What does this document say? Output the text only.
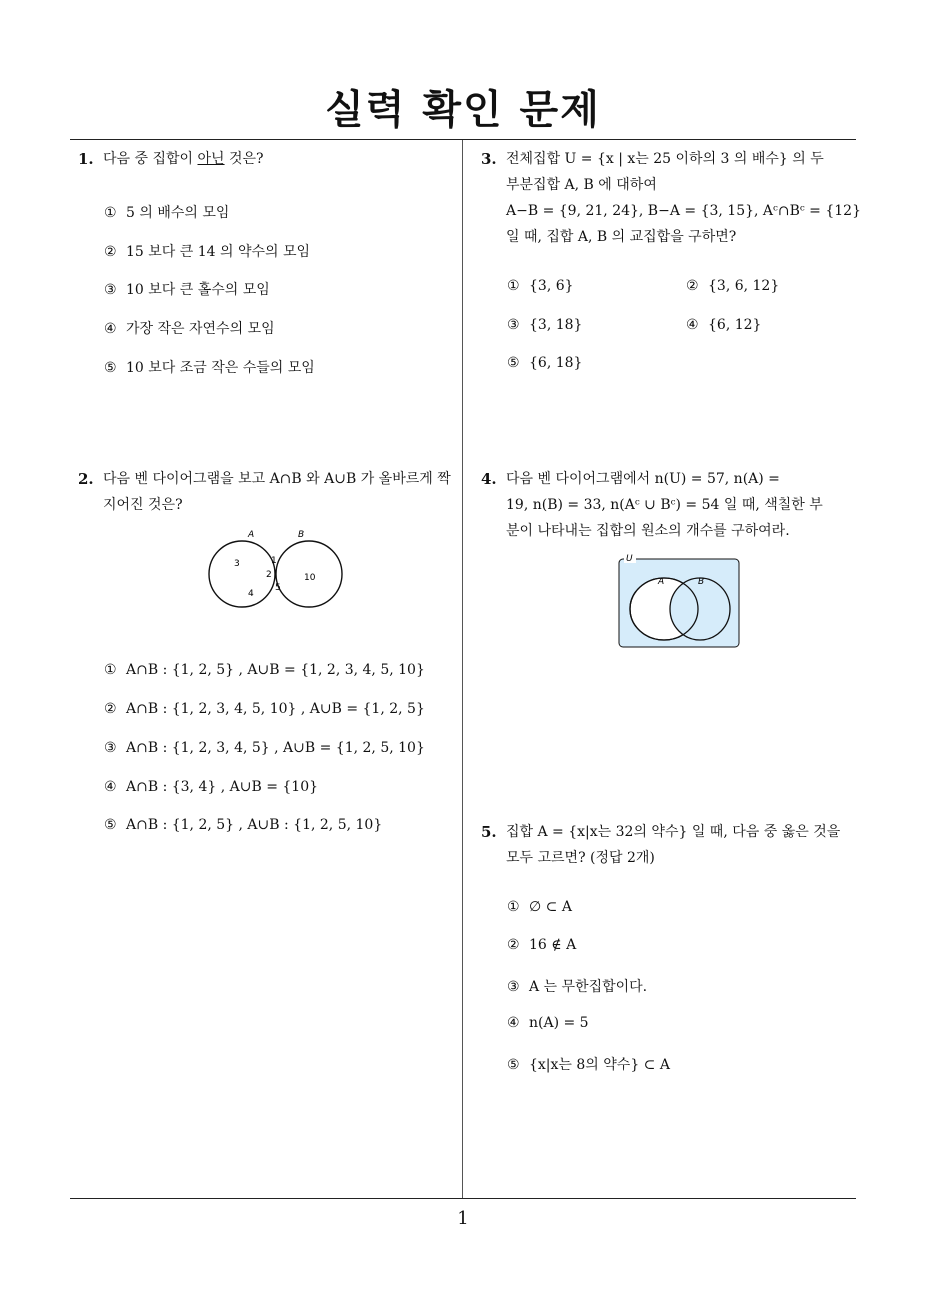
실력 확인 문제
1
1. 다음 중 집합이 아닌 것은?
① 5 의 배수의 모임
② 15 보다 큰 14 의 약수의 모임
③ 10 보다 큰 홀수의 모임
④ 가장 작은 자연수의 모임
⑤ 10 보다 조금 작은 수들의 모임
2. 다음 벤 다이어그램을 보고 A∩B 와 A∪B 가 올바르게 짝지어진 것은?
A	B
3
4
1
2
5
10
① A∩B : {1, 2, 5} , A∪B = {1, 2, 3, 4, 5, 10}
② A∩B : {1, 2, 3, 4, 5, 10} , A∪B = {1, 2, 5}
③ A∩B : {1, 2, 3, 4, 5} , A∪B = {1, 2, 5, 10}
④ A∩B : {3, 4} , A∪B = {10}
⑤ A∩B : {1, 2, 5} , A∪B : {1, 2, 5, 10}
3. 전체집합 U = {x | x는 25 이하의 3 의 배수} 의 두
부분집합 A, B 에 대하여
A−B = {9, 21, 24}, B−A = {3, 15}, Aᶜ∩Bᶜ = {12}
일 때, 집합 A, B 의 교집합을 구하면?
① {3, 6}	② {3, 6, 12}
③ {3, 18}	④ {6, 12}
⑤ {6, 18}
4. 다음 벤 다이어그램에서 n(U) = 57, n(A) =
19, n(B) = 33, n(Aᶜ ∪ Bᶜ) = 54 일 때, 색칠한 부
분이 나타내는 집합의 원소의 개수를 구하여라.
U
A	B
5. 집합 A = {x|x는 32의 약수} 일 때, 다음 중 옳은 것을
모두 고르면? (정답 2개)
① ∅ ⊂ A
② 16 ∉ A
③ A 는 무한집합이다.
④ n(A) = 5
⑤ {x|x는 8의 약수} ⊂ A
